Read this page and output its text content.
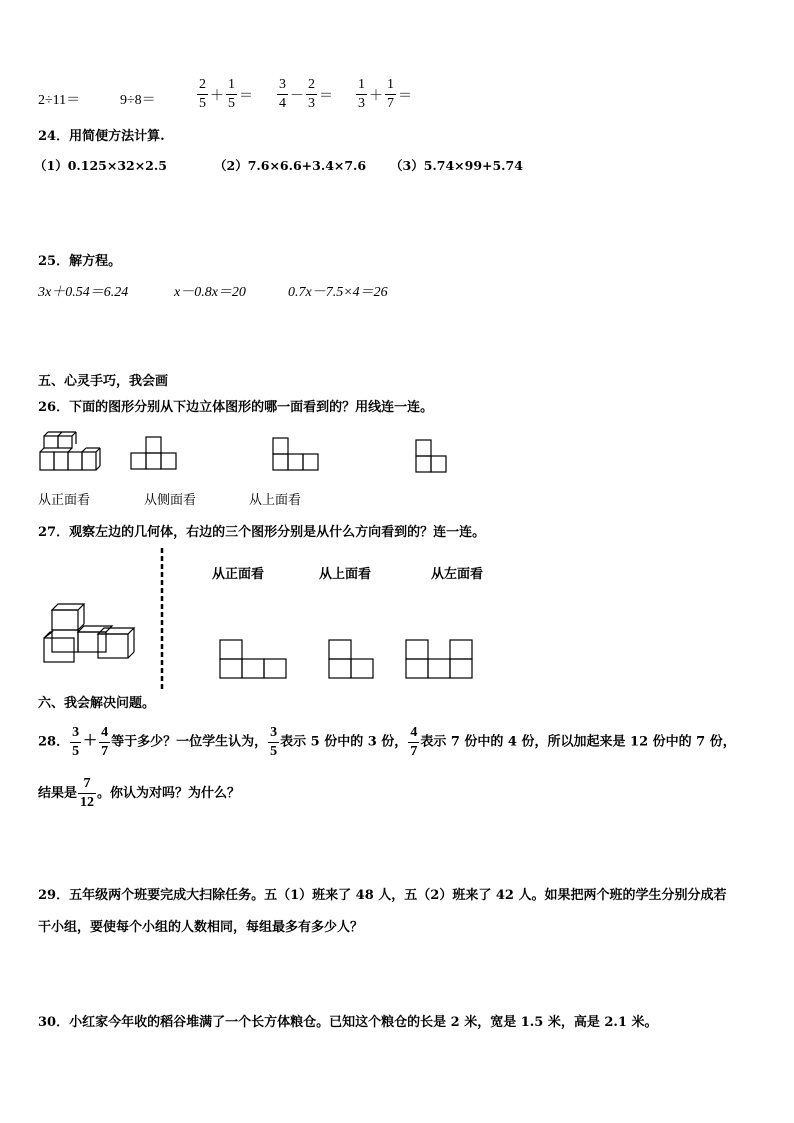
2÷11＝	9÷8＝	$\frac{2}{5} + \frac{1}{5} = \frac{3}{4} - \frac{2}{3} = \frac{1}{3} + \frac{1}{7}$ ＝
24．用简便方法计算.
（1）0.125×32×2.5	（2）7.6×6.6+3.4×7.6 （3）5.74×99+5.74
25．解方程。
3x＋0.54＝6.24	x－0.8x＝20	0.7x－7.5×4＝26
五、心灵手巧，我会画
26．下面的图形分别从下边立体图形的哪一面看到的？用线连一连。
从正面看	从侧面看	从上面看
27．观察左边的几何体，右边的三个图形分别是从什么方向看到的？连一连。
从正面看	从上面看	从左面看
六、我会解决问题。
28． $\frac{3}{5} + \frac{4}{7}$ 等于多少？一位学生认为， $\frac{3}{5}$ 表示 5 份中的 3 份， $\frac{4}{7}$ 表示 7 份中的 4 份，所以加起来是 12 份中的 7 份，
结果是 $\frac{7}{12}$ 。你认为对吗？为什么？
29．五年级两个班要完成大扫除任务。五（1）班来了 48 人，五（2）班来了 42 人。如果把两个班的学生分别分成若
干小组，要使每个小组的人数相同，每组最多有多少人？
30．小红家今年收的稻谷堆满了一个长方体粮仓。已知这个粮仓的长是 2 米，宽是 1.5 米，高是 2.1 米。
